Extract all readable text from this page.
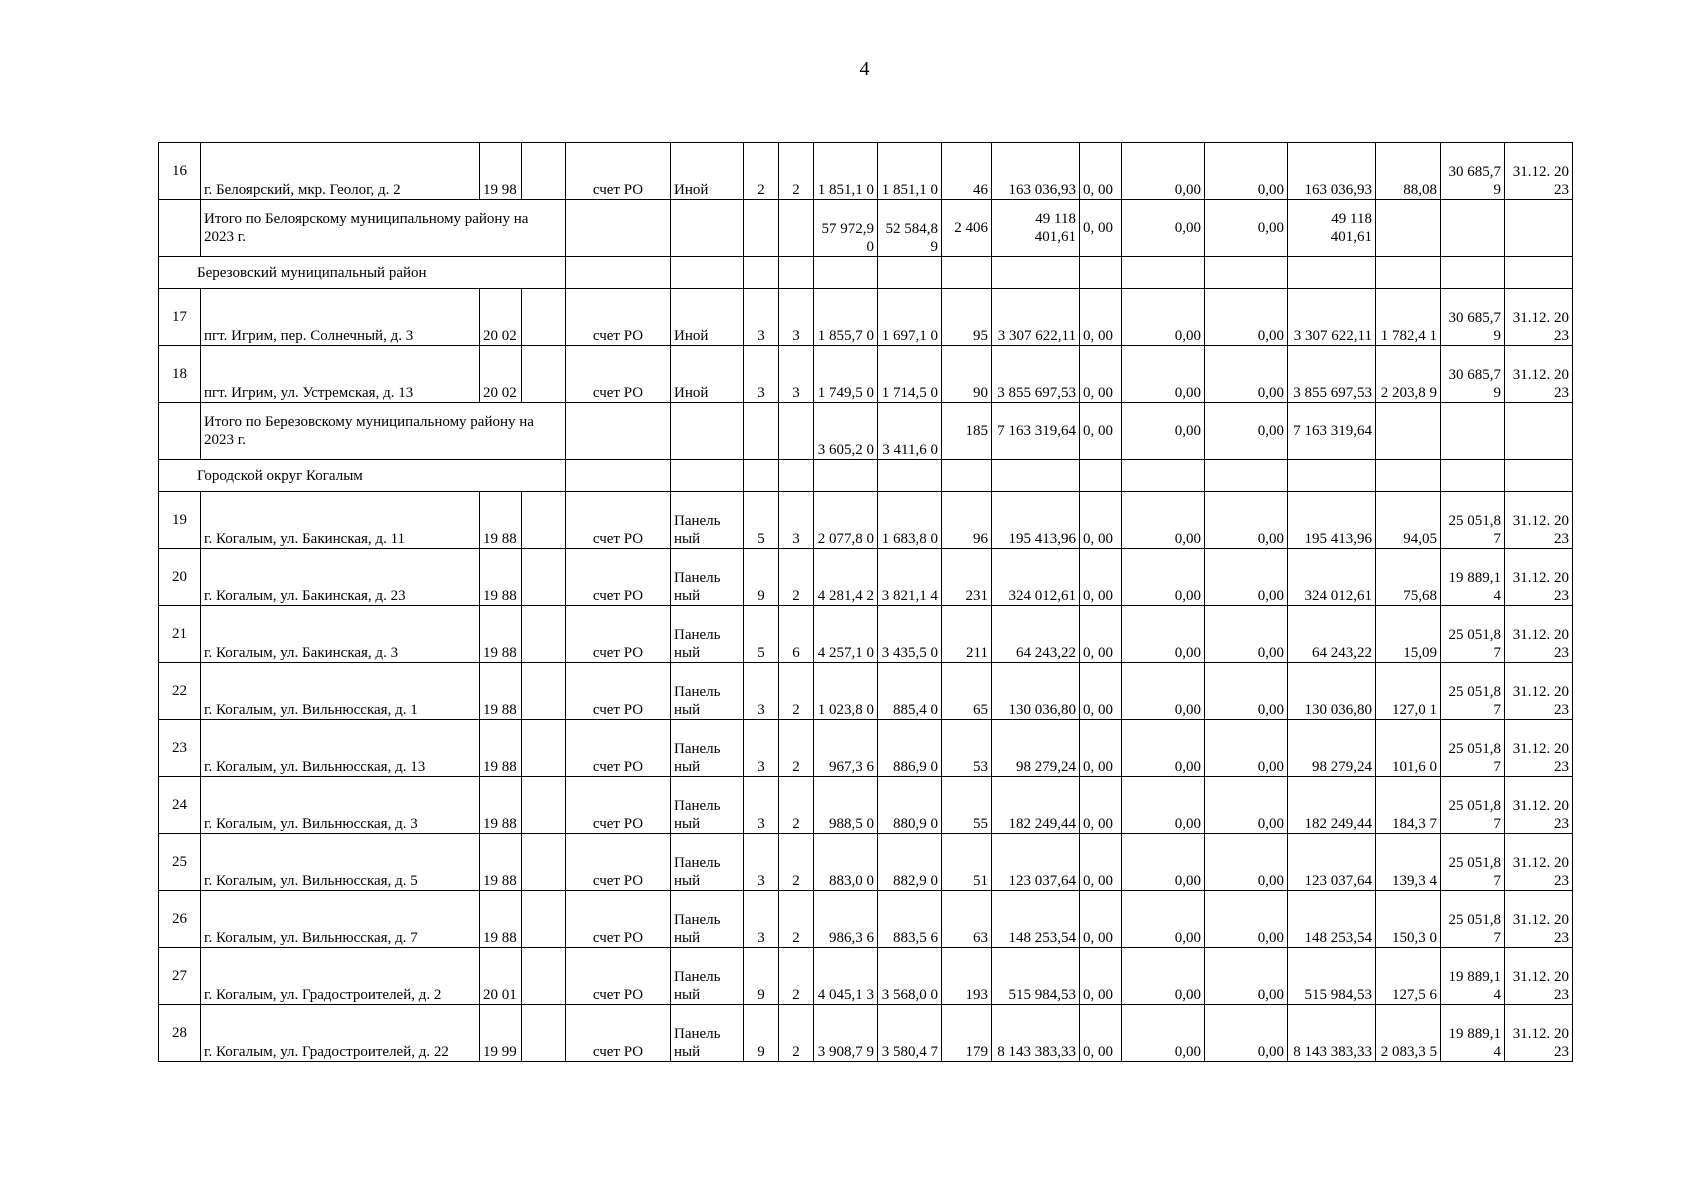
4
16	г. Белоярский, мкр. Геолог, д. 2	19 98		счет РО	Иной	2	2	1 851,1 0	1 851,1 0	46	163 036,93	0, 00	0,00	0,00	163 036,93	88,08	30 685,7 9	31.12. 2023
	Итого по Белоярскому муниципальному району на 2023 г.							57 972,9 0	52 584,8 9	2 406	49 118 401,61	0, 00	0,00	0,00	49 118 401,61			
Березовский муниципальный район																		
17	пгт. Игрим, пер. Солнечный, д. 3	20 02		счет РО	Иной	3	3	1 855,7 0	1 697,1 0	95	3 307 622,11	0, 00	0,00	0,00	3 307 622,11	1 782,4 1	30 685,7 9	31.12. 2023
18	пгт. Игрим, ул. Устремская, д. 13	20 02		счет РО	Иной	3	3	1 749,5 0	1 714,5 0	90	3 855 697,53	0, 00	0,00	0,00	3 855 697,53	2 203,8 9	30 685,7 9	31.12. 2023
	Итого по Березовскому муниципальному району на 2023 г.							3 605,2 0	3 411,6 0	185	7 163 319,64	0, 00	0,00	0,00	7 163 319,64			
Городской округ Когалым																		
19	г. Когалым, ул. Бакинская, д. 11	19 88		счет РО	Панель ный	5	3	2 077,8 0	1 683,8 0	96	195 413,96	0, 00	0,00	0,00	195 413,96	94,05	25 051,8 7	31.12. 2023
20	г. Когалым, ул. Бакинская, д. 23	19 88		счет РО	Панель ный	9	2	4 281,4 2	3 821,1 4	231	324 012,61	0, 00	0,00	0,00	324 012,61	75,68	19 889,1 4	31.12. 2023
21	г. Когалым, ул. Бакинская, д. 3	19 88		счет РО	Панель ный	5	6	4 257,1 0	3 435,5 0	211	64 243,22	0, 00	0,00	0,00	64 243,22	15,09	25 051,8 7	31.12. 2023
22	г. Когалым, ул. Вильнюсская, д. 1	19 88		счет РО	Панель ный	3	2	1 023,8 0	885,4 0	65	130 036,80	0, 00	0,00	0,00	130 036,80	127,0 1	25 051,8 7	31.12. 2023
23	г. Когалым, ул. Вильнюсская, д. 13	19 88		счет РО	Панель ный	3	2	967,3 6	886,9 0	53	98 279,24	0, 00	0,00	0,00	98 279,24	101,6 0	25 051,8 7	31.12. 2023
24	г. Когалым, ул. Вильнюсская, д. 3	19 88		счет РО	Панель ный	3	2	988,5 0	880,9 0	55	182 249,44	0, 00	0,00	0,00	182 249,44	184,3 7	25 051,8 7	31.12. 2023
25	г. Когалым, ул. Вильнюсская, д. 5	19 88		счет РО	Панель ный	3	2	883,0 0	882,9 0	51	123 037,64	0, 00	0,00	0,00	123 037,64	139,3 4	25 051,8 7	31.12. 2023
26	г. Когалым, ул. Вильнюсская, д. 7	19 88		счет РО	Панель ный	3	2	986,3 6	883,5 6	63	148 253,54	0, 00	0,00	0,00	148 253,54	150,3 0	25 051,8 7	31.12. 2023
27	г. Когалым, ул. Градостроителей, д. 2	20 01		счет РО	Панель ный	9	2	4 045,1 3	3 568,0 0	193	515 984,53	0, 00	0,00	0,00	515 984,53	127,5 6	19 889,1 4	31.12. 2023
28	г. Когалым, ул. Градостроителей, д. 22	19 99		счет РО	Панель ный	9	2	3 908,7 9	3 580,4 7	179	8 143 383,33	0, 00	0,00	0,00	8 143 383,33	2 083,3 5	19 889,1 4	31.12. 2023
